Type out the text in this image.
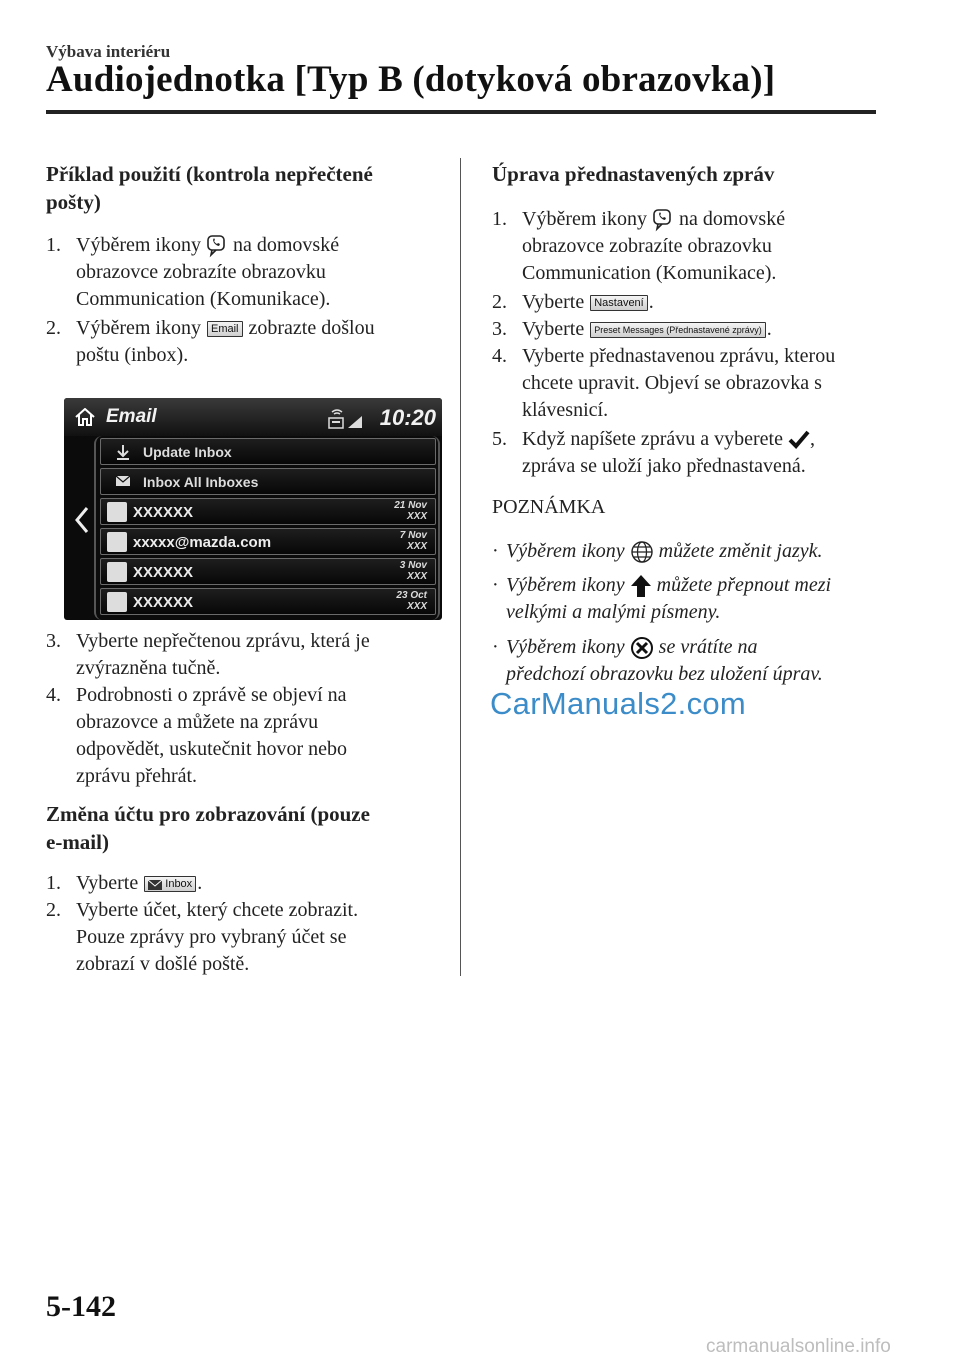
Výbava interiéru
Audiojednotka [Typ B (dotyková obrazovka)]
Příklad použití (kontrola nepřečtené
pošty)
1. Výběrem ikony  na domovské
obrazovce zobrazíte obrazovku
Communication (Komunikace).
2. Výběrem ikony Email zobrazte došlou
poštu (inbox).
Email	10:20
Update Inbox
Inbox All Inboxes
XXXXXX	21 Nov
XXX
xxxxx@mazda.com	7 Nov
XXX
XXXXXX	3 Nov
XXX
XXXXXX	23 Oct
XXX
3. Vyberte nepřečtenou zprávu, která je
zvýrazněna tučně.
4. Podrobnosti o zprávě se objeví na
obrazovce a můžete na zprávu
odpovědět, uskutečnit hovor nebo
zprávu přehrát.
Změna účtu pro zobrazování (pouze
e-mail)
1. Vyberte  Inbox .
2. Vyberte účet, který chcete zobrazit.
Pouze zprávy pro vybraný účet se
zobrazí v došlé poště.
Úprava přednastavených zpráv
1. Výběrem ikony  na domovské
obrazovce zobrazíte obrazovku
Communication (Komunikace).
2. Vyberte Nastavení .
3. Vyberte Preset Messages (Přednastavené zprávy) .
4. Vyberte přednastavenou zprávu, kterou
chcete upravit. Objeví se obrazovka s
klávesnicí.
5. Když napíšete zprávu a vyberete ,
zpráva se uloží jako přednastavená.
POZNÁMKA
· Výběrem ikony  můžete změnit jazyk.
· Výběrem ikony  můžete přepnout mezi
velkými a malými písmeny.
· Výběrem ikony  se vrátíte na
předchozí obrazovku bez uložení úprav.
CarManuals2.com
5-142
carmanualsonline.info
